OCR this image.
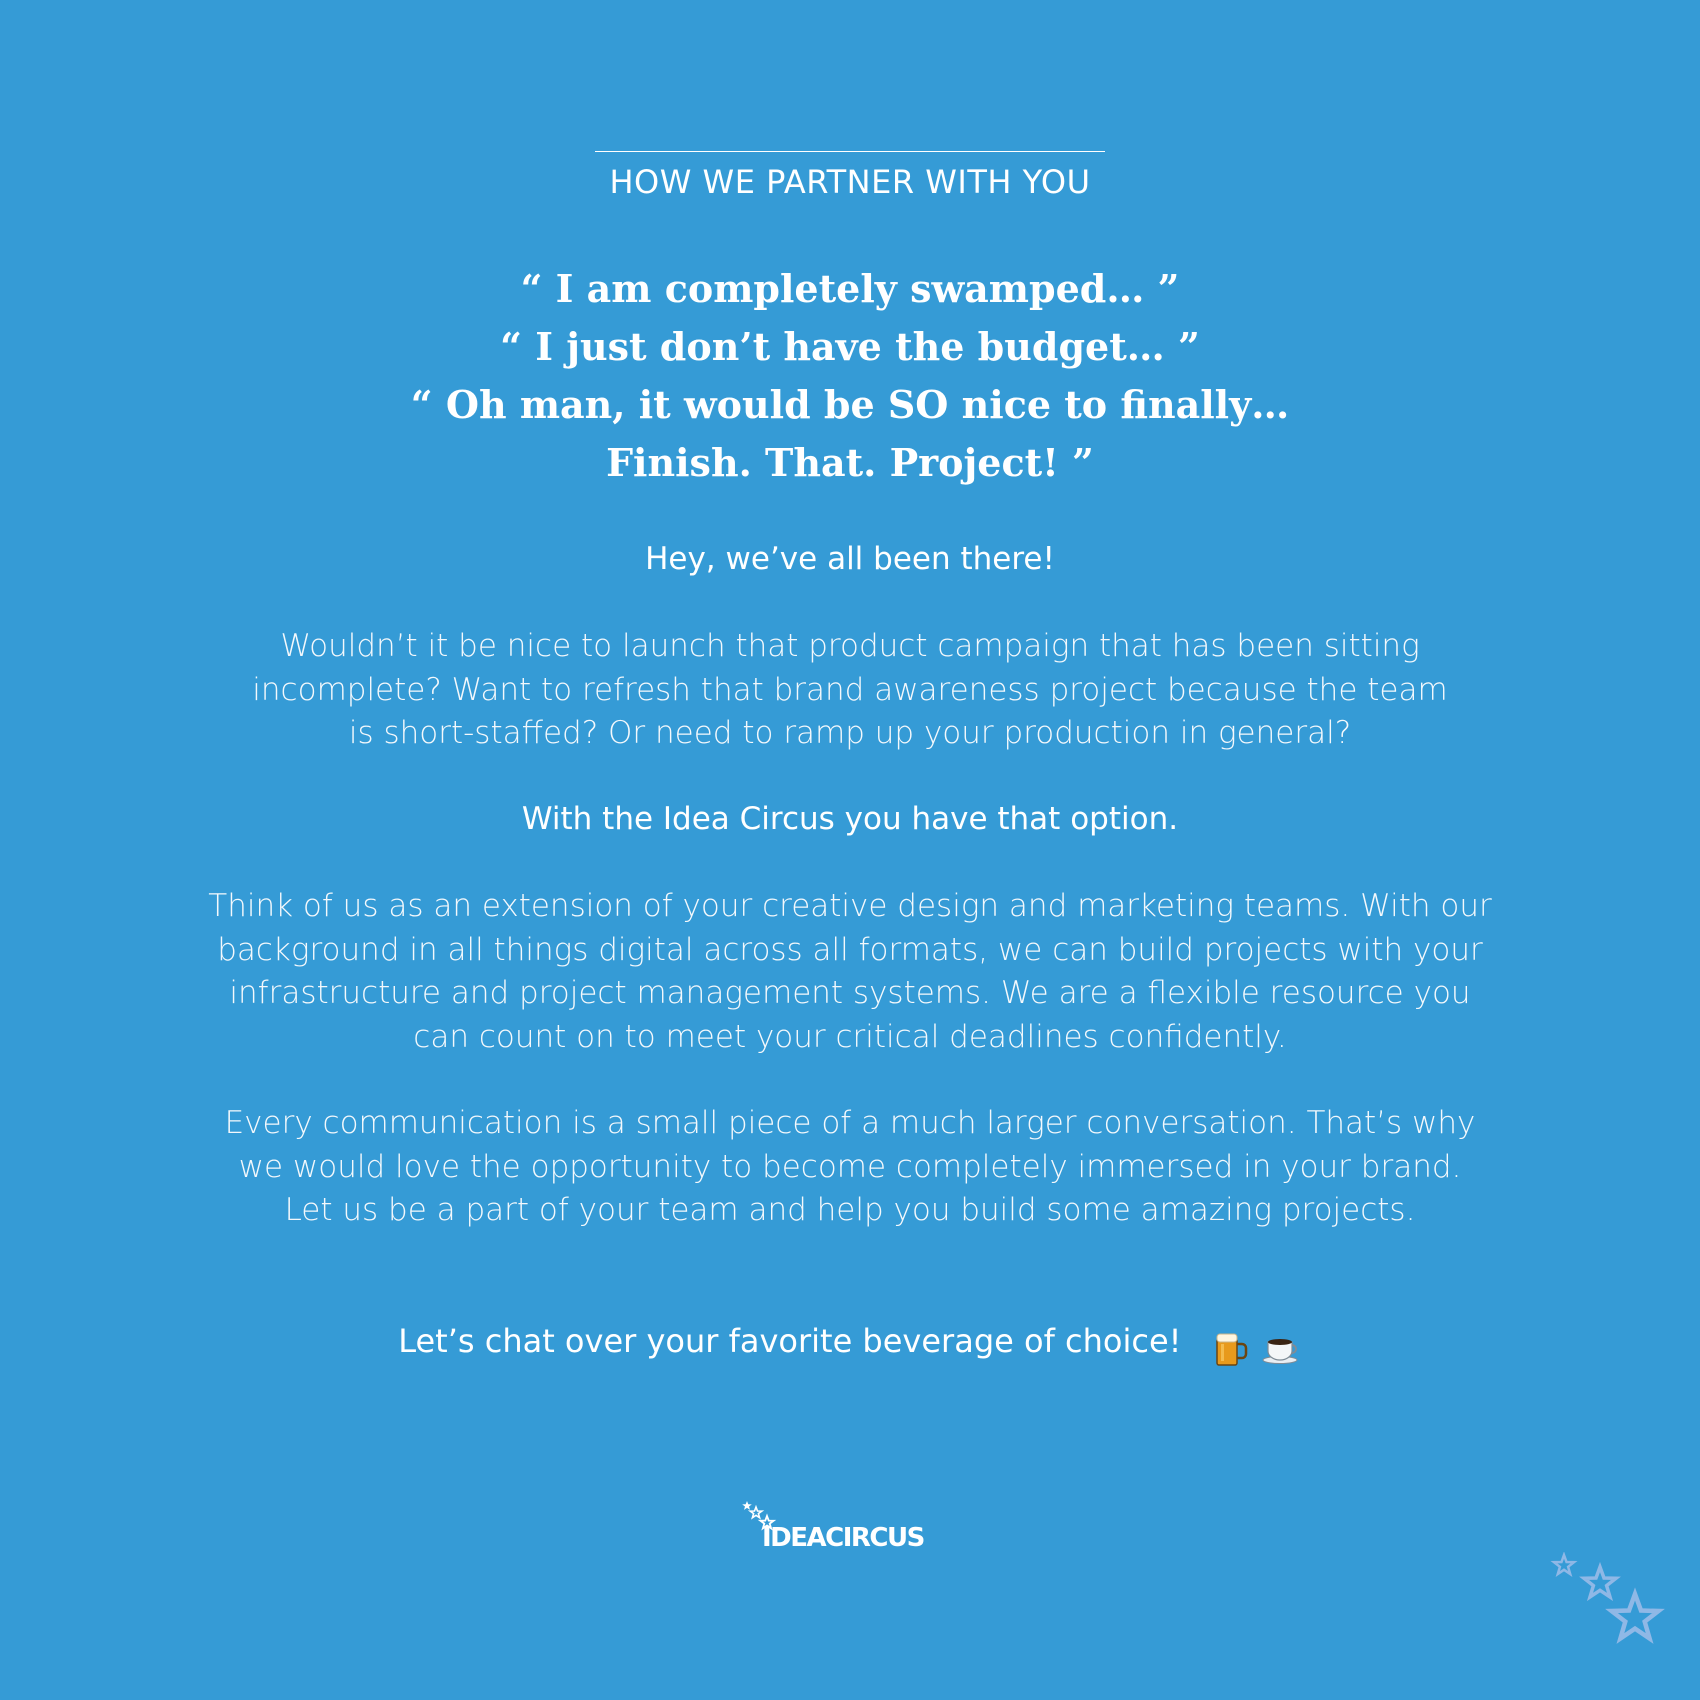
HOW WE PARTNER WITH YOU
“ I am completely swamped… ”
“ I just don’t have the budget… ”
“ Oh man, it would be SO nice to finally…
Finish. That. Project! ”
Hey, we’ve all been there!
Wouldn’t it be nice to launch that product campaign that has been sitting
incomplete? Want to refresh that brand awareness project because the team
is short-staffed? Or need to ramp up your production in general?
With the Idea Circus you have that option.
Think of us as an extension of your creative design and marketing teams. With our
background in all things digital across all formats, we can build projects with your
infrastructure and project management systems. We are a flexible resource you
can count on to meet your critical deadlines confidently.
Every communication is a small piece of a much larger conversation. That’s why
we would love the opportunity to become completely immersed in your brand.
Let us be a part of your team and help you build some amazing projects.
Let’s chat over your favorite beverage of choice!
IDEACIRCUS
